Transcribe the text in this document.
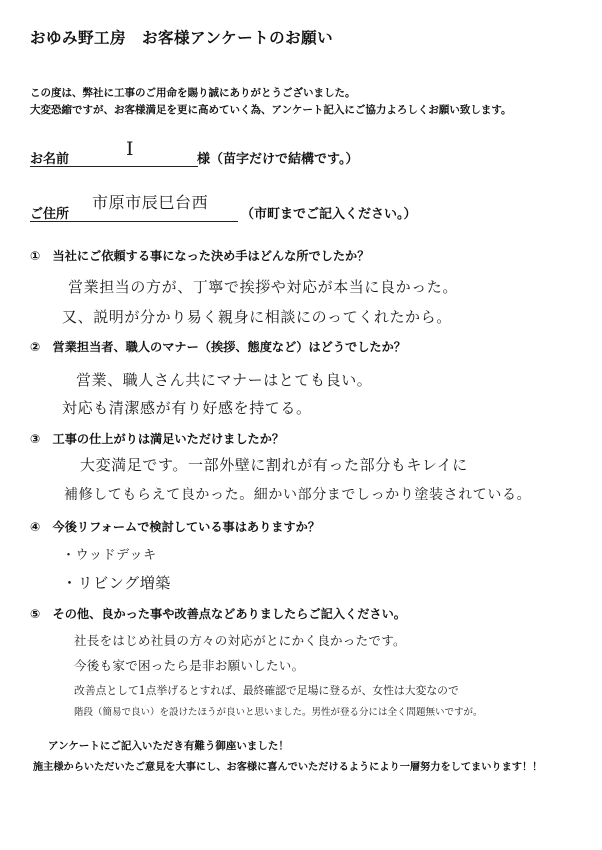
おゆみ野工房　お客様アンケートのお願い
この度は、弊社に工事のご用命を賜り誠にありがとうございました。
大変恐縮ですが、お客様満足を更に高めていく為、アンケート記入にご協力よろしくお願い致します。
お名前	I	様（苗字だけで結構です。）
ご住所
市原市辰巳台西
（市町までご記入ください。）
①　当社にご依頼する事になった決め手はどんな所でしたか？
営業担当の方が、丁寧で挨拶や対応が本当に良かった。
又、説明が分かり易く親身に相談にのってくれたから。
②　営業担当者、職人のマナー（挨拶、態度など）はどうでしたか？
営業、職人さん共にマナーはとても良い。
対応も清潔感が有り好感を持てる。
③　工事の仕上がりは満足いただけましたか？
大変満足です。一部外壁に割れが有った部分もキレイに
補修してもらえて良かった。細かい部分までしっかり塗装されている。
④　今後リフォームで検討している事はありますか？
・ウッドデッキ
・リビング増築
⑤　その他、良かった事や改善点などありましたらご記入ください。
社長をはじめ社員の方々の対応がとにかく良かったです。
今後も家で困ったら是非お願いしたい。
改善点として1点挙げるとすれば、最終確認で足場に登るが、女性は大変なので
階段（簡易で良い）を設けたほうが良いと思いました。男性が登る分には全く問題無いですが。
アンケートにご記入いただき有難う御座いました！
施主様からいただいたご意見を大事にし、お客様に喜んでいただけるようにより一層努力をしてまいります！！
